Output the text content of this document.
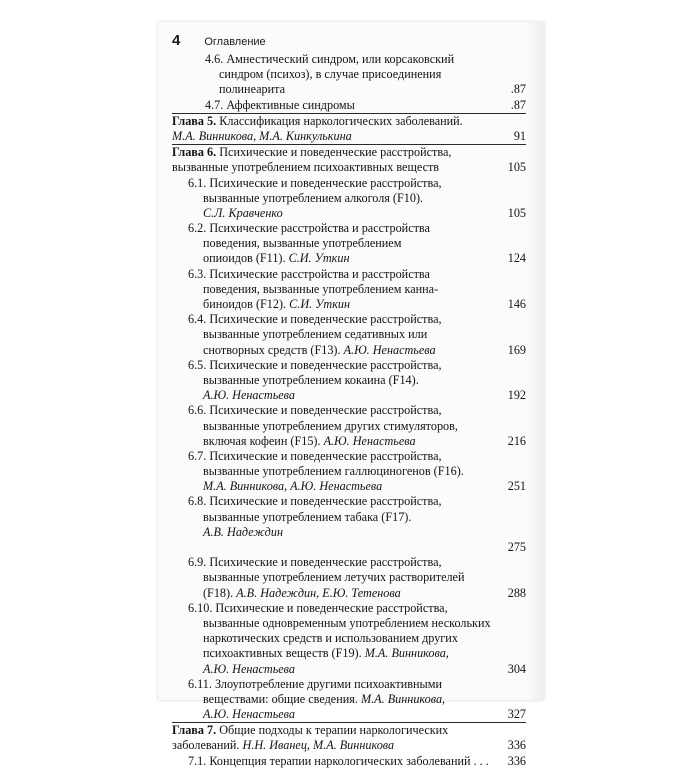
4 Оглавление
4.6. Амнестический синдром, или корсаковский
синдром (психоз), в случае присоединения
полинеарита	.87
4.7. Аффективные синдромы	.87
Глава 5. Классификация наркологических заболеваний.
М.А. Винникова, М.А. Кинкулькина	91
Глава 6. Психические и поведенческие расстройства,
вызванные употреблением психоактивных веществ	105
6.1. Психические и поведенческие расстройства,
вызванные употреблением алкоголя (F10).
С.Л. Кравченко	105
6.2. Психические расстройства и расстройства
поведения, вызванные употреблением
опиоидов (F11). С.И. Уткин	124
6.3. Психические расстройства и расстройства
поведения, вызванные употреблением канна-
биноидов (F12). С.И. Уткин	146
6.4. Психические и поведенческие расстройства,
вызванные употреблением седативных или
снотворных средств (F13). А.Ю. Ненастьева	169
6.5. Психические и поведенческие расстройства,
вызванные употреблением кокаина (F14).
А.Ю. Ненастьева	192
6.6. Психические и поведенческие расстройства,
вызванные употреблением других стимуляторов,
включая кофеин (F15). А.Ю. Ненастьева	216
6.7. Психические и поведенческие расстройства,
вызванные употреблением галлюциногенов (F16).
М.А. Винникова, А.Ю. Ненастьева	251
6.8. Психические и поведенческие расстройства,
вызванные употреблением табака (F17).
А.В. Надеждин
275
6.9. Психические и поведенческие расстройства,
вызванные употреблением летучих растворителей
(F18). А.В. Надеждин, Е.Ю. Тетенова	288
6.10. Психические и поведенческие расстройства,
вызванные одновременным употреблением нескольких
наркотических средств и использованием других
психоактивных веществ (F19). М.А. Винникова,
А.Ю. Ненастьева	304
6.11. Злоупотребление другими психоактивными
веществами: общие сведения. М.А. Винникова,
А.Ю. Ненастьева	327
Глава 7. Общие подходы к терапии наркологических
заболеваний. Н.Н. Иванец, М.А. Винникова	336
7.1. Концепция терапии наркологических заболеваний . . . 336
